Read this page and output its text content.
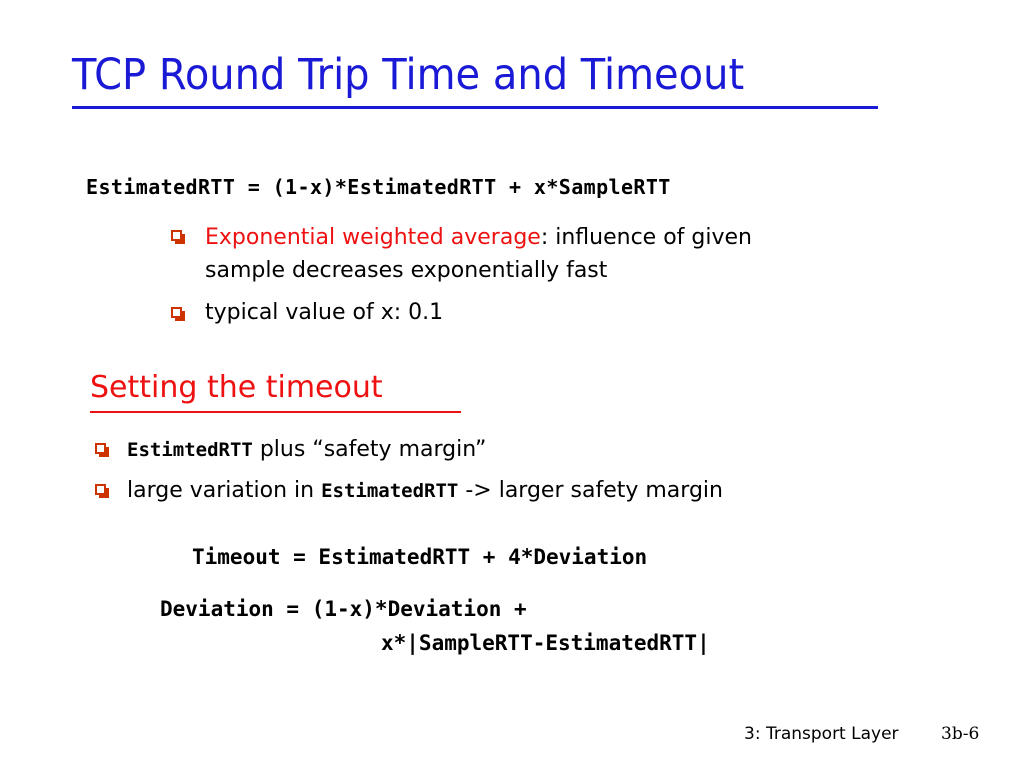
TCP Round Trip Time and Timeout
EstimatedRTT = (1-x)*EstimatedRTT + x*SampleRTT
Exponential weighted average: influence of given
sample decreases exponentially fast
typical value of x: 0.1
Setting the timeout
EstimtedRTT plus “safety margin”
large variation in EstimatedRTT -> larger safety margin
Timeout = EstimatedRTT + 4*Deviation
Deviation = (1-x)*Deviation +
x*|SampleRTT-EstimatedRTT|
3: Transport Layer 3b-6
